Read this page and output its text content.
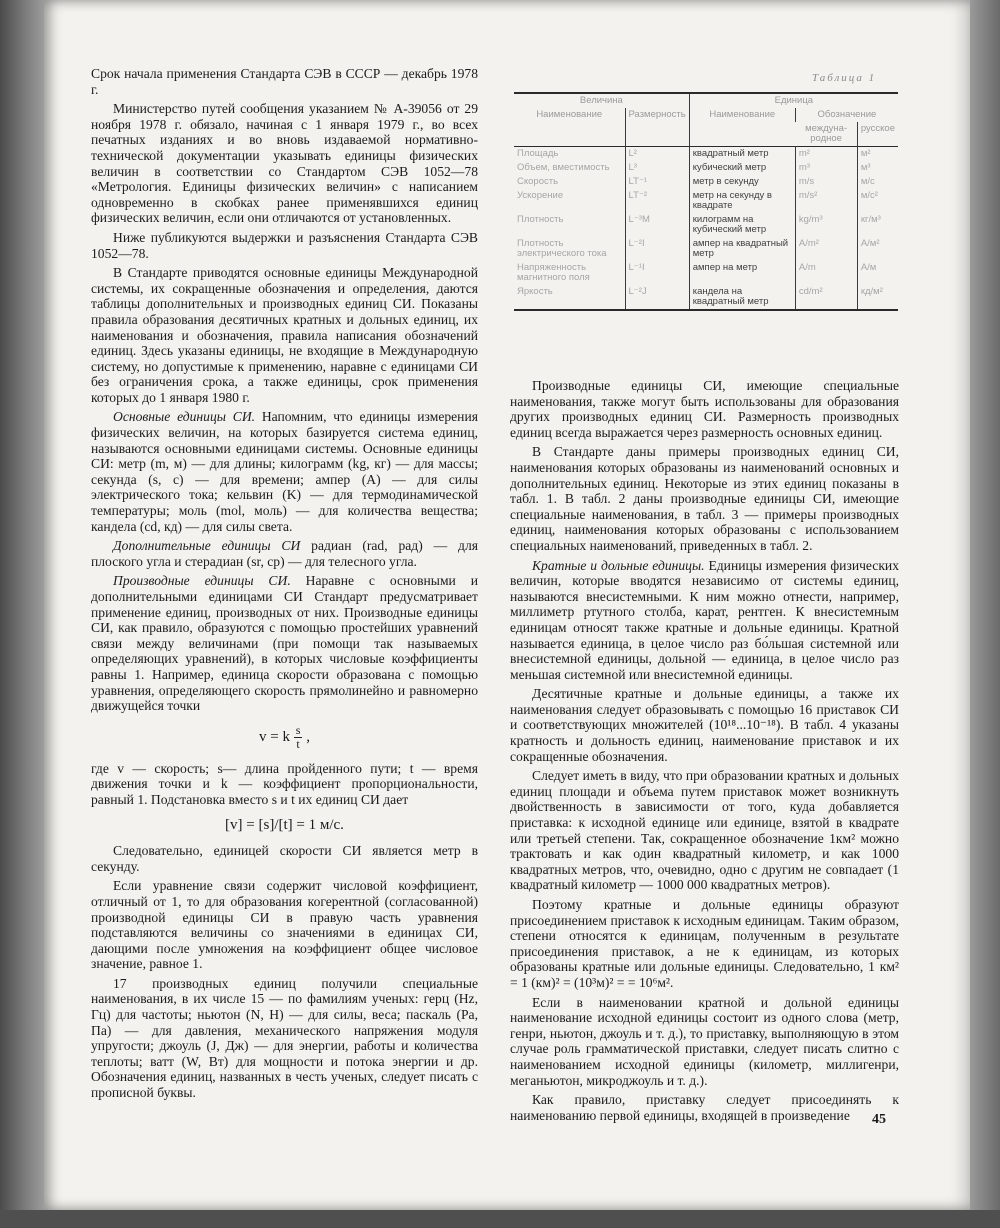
Срок начала применения Стандарта СЭВ в СССР — декабрь 1978 г.

Министерство путей сообщения указанием № А-39056 от 29 ноября 1978 г. обязало, начиная с 1 января 1979 г., во всех печатных изданиях и во вновь издаваемой нормативно-технической документации указывать единицы физических величин в соответствии со Стандартом СЭВ 1052—78 «Метрология. Единицы физических величин» с написанием одновременно в скобках ранее применявшихся единиц физических величин, если они отличаются от установленных.

Ниже публикуются выдержки и разъяснения Стандарта СЭВ 1052—78.

В Стандарте приводятся основные единицы Международной системы, их сокращенные обозначения и определения, даются таблицы дополнительных и производных единиц СИ. Показаны правила образования десятичных кратных и дольных единиц, их наименования и обозначения, правила написания обозначений единиц. Здесь указаны единицы, не входящие в Международную систему, но допустимые к применению, наравне с единицами СИ без ограничения срока, а также единицы, срок применения которых до 1 января 1980 г.

Основные единицы СИ. Напомним, что единицы измерения физических величин, на которых базируется система единиц, называются основными единицами системы. Основные единицы СИ: метр (m, м) — для длины; килограмм (kg, кг) — для массы; секунда (s, с) — для времени; ампер (A) — для силы электрического тока; кельвин (K) — для термодинамической температуры; моль (mol, моль) — для количества вещества; кандела (cd, кд) — для силы света.

Дополнительные единицы СИ радиан (rad, рад) — для плоского угла и стерадиан (sr, ср) — для телесного угла.

Производные единицы СИ. Наравне с основными и дополнительными единицами СИ Стандарт предусматривает применение единиц, производных от них. Производные единицы СИ, как правило, образуются с помощью простейших уравнений связи между величинами (при помощи так называемых определяющих уравнений), в которых числовые коэффициенты равны 1. Например, единица скорости образована с помощью уравнения, определяющего скорость прямолинейно и равномерно движущейся точки

v = k $\frac{s}{t}$ ,

где v — скорость; s— длина пройденного пути; t — время движения точки и k — коэффициент пропорциональности, равный 1. Подстановка вместо s и t их единиц СИ дает

[v] = [s]/[t] = 1 м/с.

Следовательно, единицей скорости СИ является метр в секунду.

Если уравнение связи содержит числовой коэффициент, отличный от 1, то для образования когерентной (согласованной) производной единицы СИ в правую часть уравнения подставляются величины со значениями в единицах СИ, дающими после умножения на коэффициент общее числовое значение, равное 1.

17 производных единиц получили специальные наименования, в их числе 15 — по фамилиям ученых: герц (Hz, Гц) для частоты; ньютон (N, Н) — для силы, веса; паскаль (Pa, Па) — для давления, механического напряжения модуля упругости; джоуль (J, Дж) — для энергии, работы и количества теплоты; ватт (W, Вт) для мощности и потока энергии и др. Обозначения единиц, названных в честь ученых, следует писать с прописной буквы.

Таблица 1
Величина		Единица		
Наименование	Размерность	Наименование	Обозначение	
			международное	русское
Площадь	L²	квадратный метр	m²	м²
Объем, вместимость	L³	кубический метр	m³	м³
Скорость	LT⁻¹	метр в секунду	m/s	м/с
Ускорение	LT⁻²	метр на секунду в квадрате	m/s²	м/с²
Плотность	L⁻³M	килограмм на кубический метр	kg/m³	кг/м³
Плотность электрического тока	L⁻²I	ампер на квадратный метр	A/m²	А/м²
Напряженность магнитного поля	L⁻¹I	ампер на метр	A/m	А/м
Яркость	L⁻²J	кандела на квадратный метр	cd/m²	кд/м²

Производные единицы СИ, имеющие специальные наименования, также могут быть использованы для образования других производных единиц СИ. Размерность производных единиц всегда выражается через размерность основных единиц.

В Стандарте даны примеры производных единиц СИ, наименования которых образованы из наименований основных и дополнительных единиц. Некоторые из этих единиц показаны в табл. 1. В табл. 2 даны производные единицы СИ, имеющие специальные наименования, в табл. 3 — примеры производных единиц, наименования которых образованы с использованием специальных наименований, приведенных в табл. 2.

Кратные и дольные единицы. Единицы измерения физических величин, которые вводятся независимо от системы единиц, называются внесистемными. К ним можно отнести, например, миллиметр ртутного столба, карат, рентген. К внесистемным единицам относят также кратные и дольные единицы. Кратной называется единица, в целое число раз бо́льшая системной или внесистемной единицы, дольной — единица, в целое число раз меньшая системной или внесистемной единицы.

Десятичные кратные и дольные единицы, а также их наименования следует образовывать с помощью 16 приставок СИ и соответствующих множителей (10¹⁸...10⁻¹⁸). В табл. 4 указаны кратность и дольность единиц, наименование приставок и их сокращенные обозначения.

Следует иметь в виду, что при образовании кратных и дольных единиц площади и объема путем приставок может возникнуть двойственность в зависимости от того, куда добавляется приставка: к исходной единице или единице, взятой в квадрате или третьей степени. Так, сокращенное обозначение 1км² можно трактовать и как один квадратный километр, и как 1000 квадратных метров, что, очевидно, одно с другим не совпадает (1 квадратный километр — 1000 000 квадратных метров).

Поэтому кратные и дольные единицы образуют присоединением приставок к исходным единицам. Таким образом, степени относятся к единицам, полученным в результате присоединения приставок, а не к единицам, из которых образованы кратные или дольные единицы. Следовательно, 1 км² = 1 (км)² = (10³м)² = = 10⁶м².

Если в наименовании кратной и дольной единицы наименование исходной единицы состоит из одного слова (метр, генри, ньютон, джоуль и т. д.), то приставку, выполняющую в этом случае роль грамматической приставки, следует писать слитно с наименованием исходной единицы (километр, миллигенри, меганьютон, микроджоуль и т. д.).

Как правило, приставку следует присоединять к наименованию первой единицы, входящей в произведение	45
